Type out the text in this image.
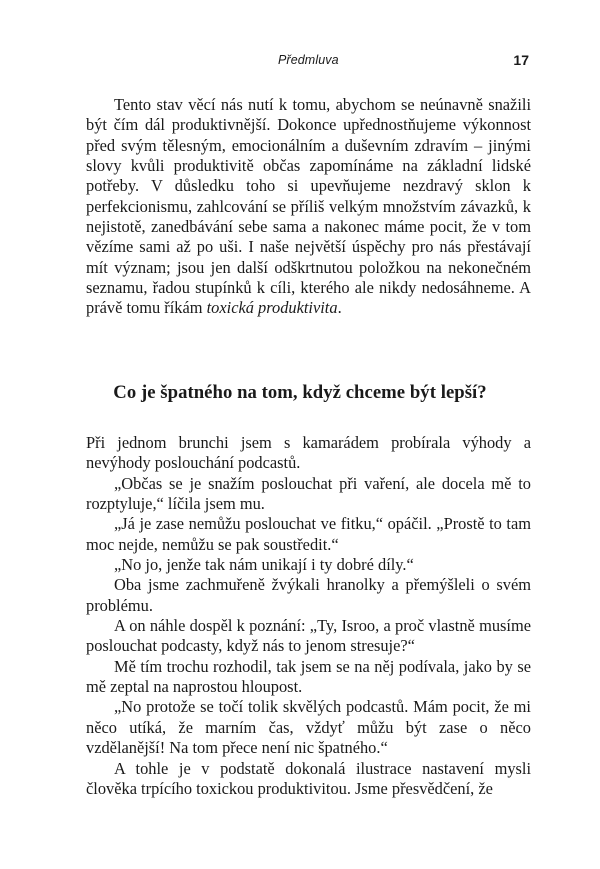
Předmluva	17

Tento stav věcí nás nutí k tomu, abychom se neúnavně snažili být čím dál produktivnější. Dokonce upřednostňujeme výkonnost před svým tělesným, emocionálním a duševním zdravím – jinými slovy kvůli produktivitě občas zapomínáme na základní lidské potřeby. V důsledku toho si upevňujeme nezdravý sklon k perfekcionismu, zahlcování se příliš velkým množstvím závazků, k nejistotě, zanedbávání sebe sama a nakonec máme pocit, že v tom vězíme sami až po uši. I naše největší úspěchy pro nás přestávají mít význam; jsou jen další odškrtnutou položkou na nekonečném seznamu, řadou stupínků k cíli, kterého ale nikdy nedosáhneme. A právě tomu říkám toxická produktivita.

Co je špatného na tom, když chceme být lepší?

Při jednom brunchi jsem s kamarádem probírala výhody a nevýhody poslouchání podcastů.

„Občas se je snažím poslouchat při vaření, ale docela mě to rozptyluje,“ líčila jsem mu.

„Já je zase nemůžu poslouchat ve fitku,“ opáčil. „Prostě to tam moc nejde, nemůžu se pak soustředit.“

„No jo, jenže tak nám unikají i ty dobré díly.“

Oba jsme zachmuřeně žvýkali hranolky a přemýšleli o svém problému.

A on náhle dospěl k poznání: „Ty, Isroo, a proč vlastně musíme poslouchat podcasty, když nás to jenom stresuje?“

Mě tím trochu rozhodil, tak jsem se na něj podívala, jako by se mě zeptal na naprostou hloupost.

„No protože se točí tolik skvělých podcastů. Mám pocit, že mi něco utíká, že marním čas, vždyť můžu být zase o něco vzdělanější! Na tom přece není nic špatného.“

A tohle je v podstatě dokonalá ilustrace nastavení mysli člověka trpícího toxickou produktivitou. Jsme přesvědčení, že
